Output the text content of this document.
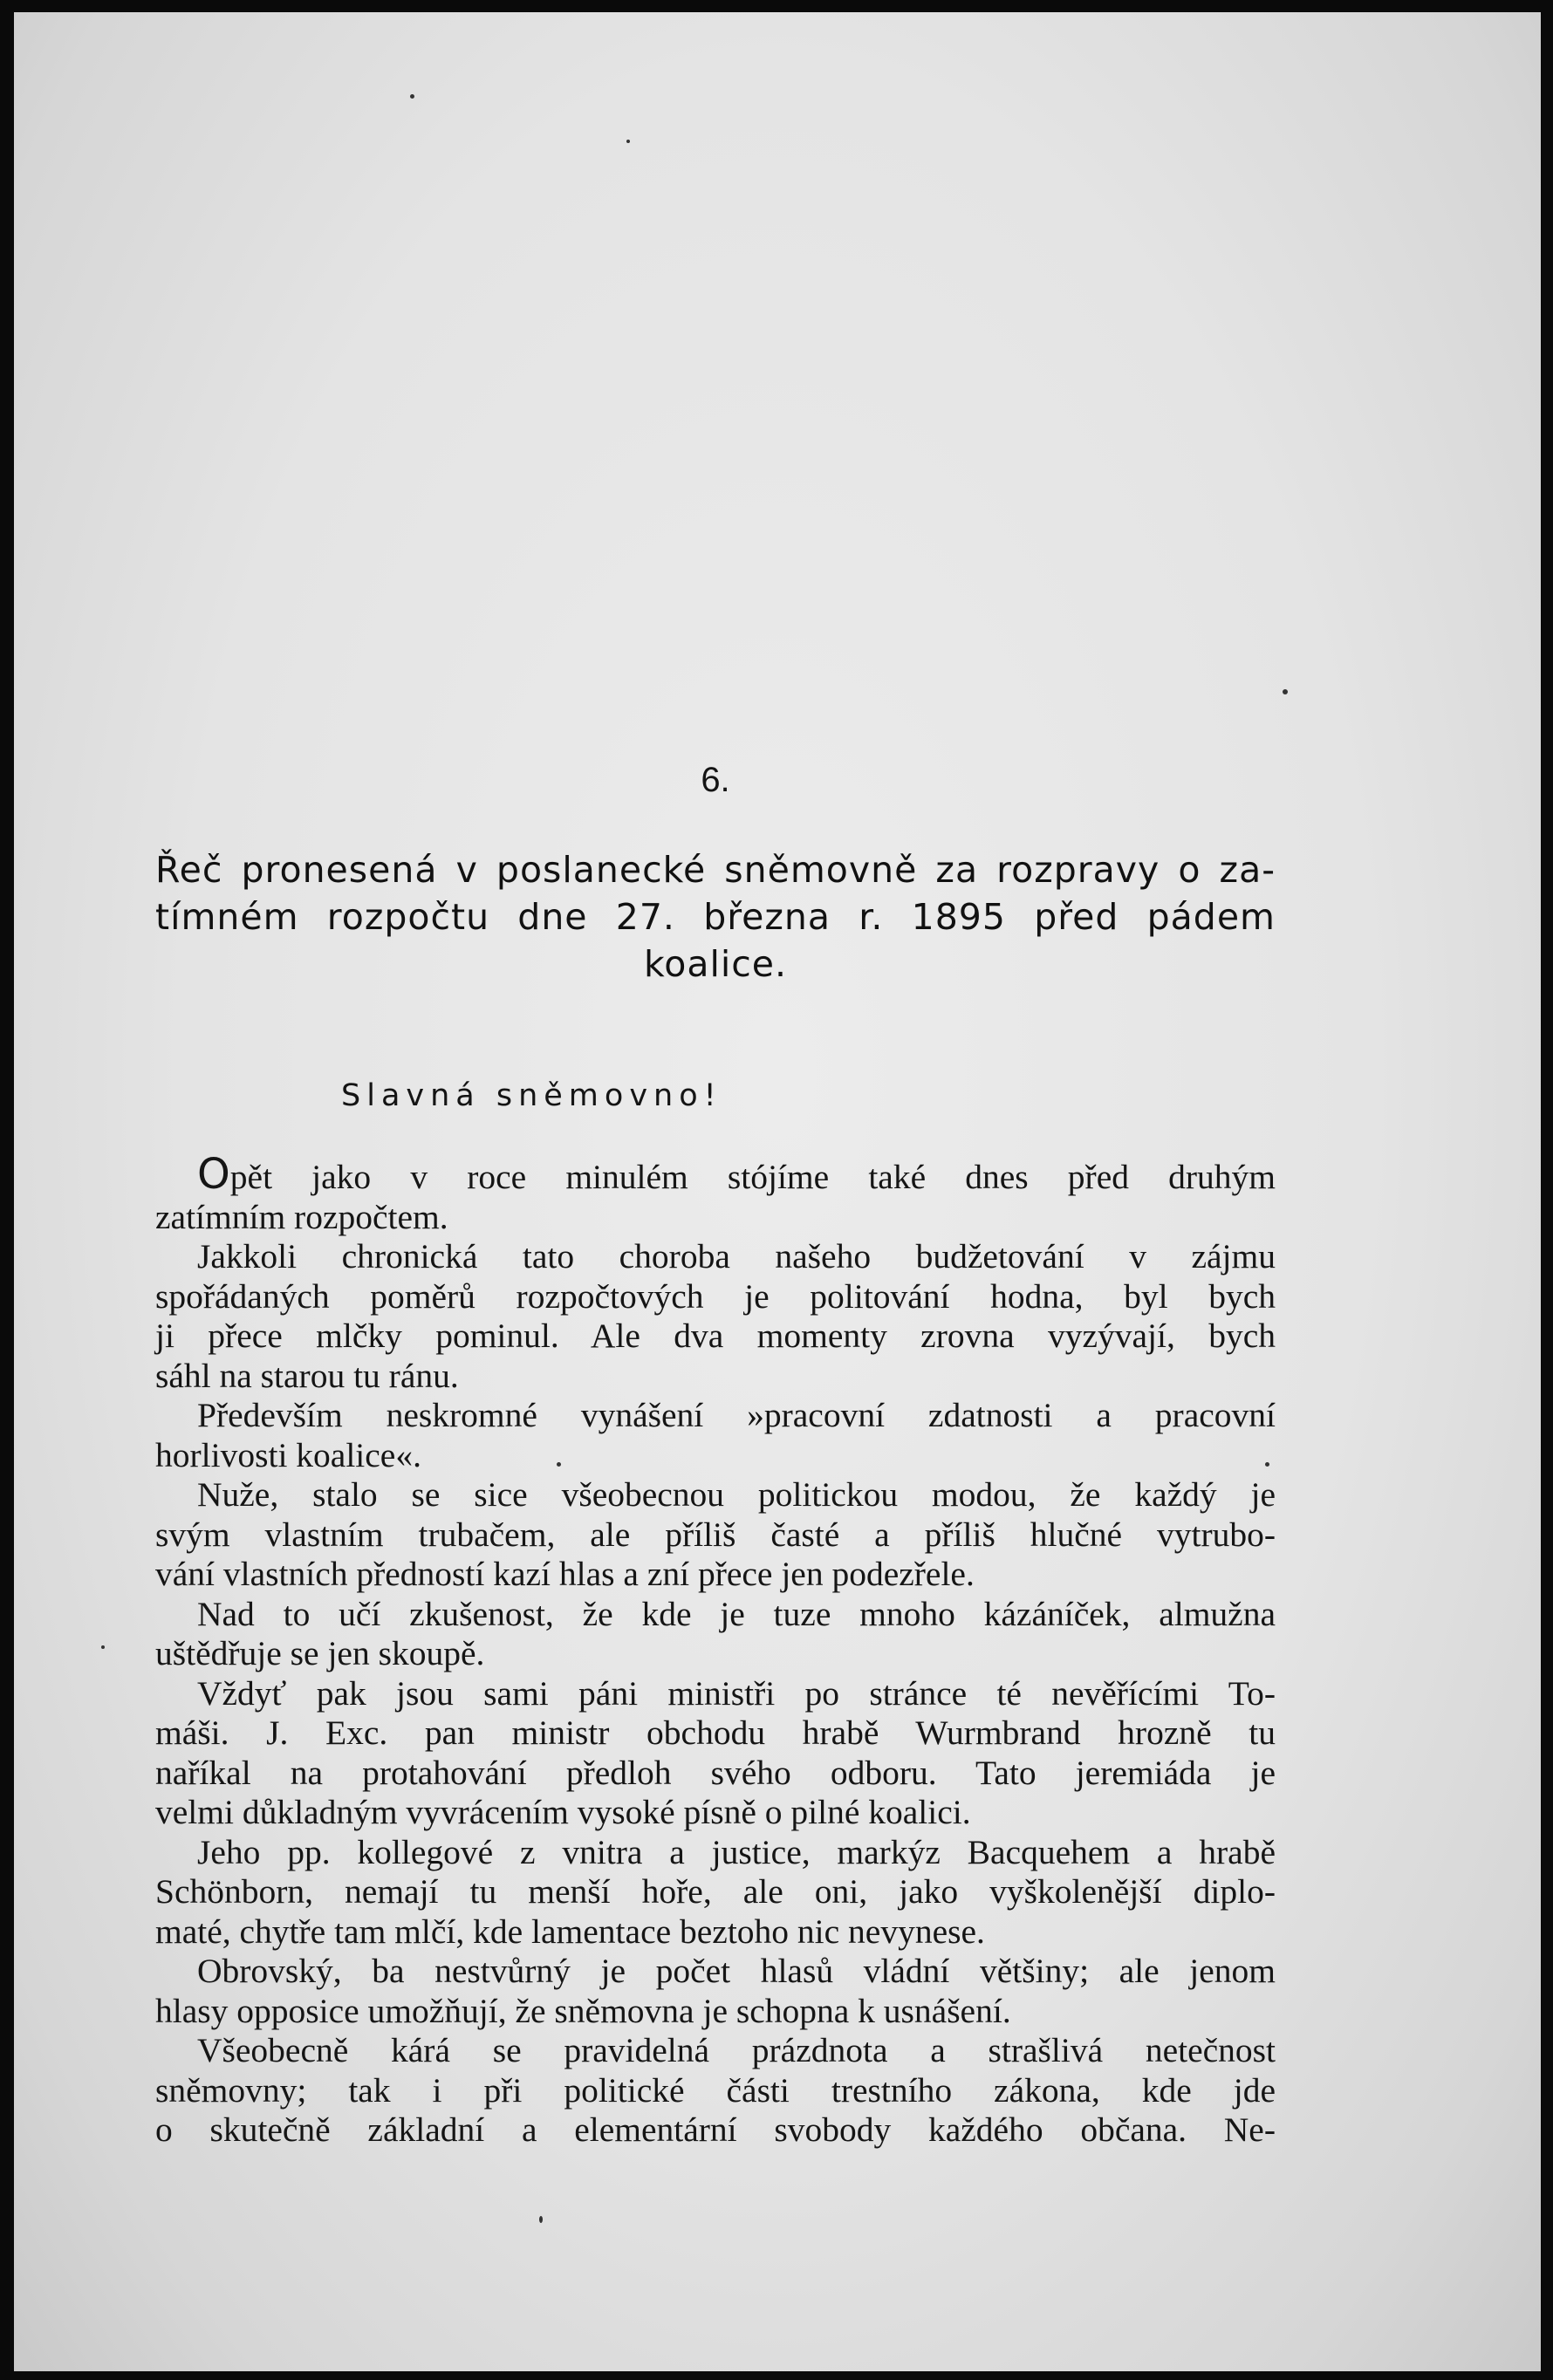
6.
Řeč pronesená v poslanecké sněmovně za rozpravy o za-
tímném rozpočtu dne 27. března r. 1895 před pádem
koalice.
Slavná sněmovno!
Opět jako v roce minulém stójíme také dnes před druhým
zatímním rozpočtem.
Jakkoli chronická tato choroba našeho budžetování v zájmu
spořádaných poměrů rozpočtových je politování hodna, byl bych
ji přece mlčky pominul. Ale dva momenty zrovna vyzývají, bych
sáhl na starou tu ránu.
Především neskromné vynášení »pracovní zdatnosti a pracovní
horlivosti koalice«.
Nuže, stalo se sice všeobecnou politickou modou, že každý je
svým vlastním trubačem, ale příliš časté a příliš hlučné vytrubo-
vání vlastních předností kazí hlas a zní přece jen podezřele.
Nad to učí zkušenost, že kde je tuze mnoho kázáníček, almužna
uštědřuje se jen skoupě.
Vždyť pak jsou sami páni ministři po stránce té nevěřícími To-
máši. J. Exc. pan ministr obchodu hrabě Wurmbrand hrozně tu
naříkal na protahování předloh svého odboru. Tato jeremiáda je
velmi důkladným vyvrácením vysoké písně o pilné koalici.
Jeho pp. kollegové z vnitra a justice, markýz Bacquehem a hrabě
Schönborn, nemají tu menší hoře, ale oni, jako vyškolenější diplo-
maté, chytře tam mlčí, kde lamentace beztoho nic nevynese.
Obrovský, ba nestvůrný je počet hlasů vládní většiny; ale jenom
hlasy opposice umožňují, že sněmovna je schopna k usnášení.
Všeobecně kárá se pravidelná prázdnota a strašlivá netečnost
sněmovny; tak i při politické části trestního zákona, kde jde
o skutečně základní a elementární svobody každého občana. Ne-
